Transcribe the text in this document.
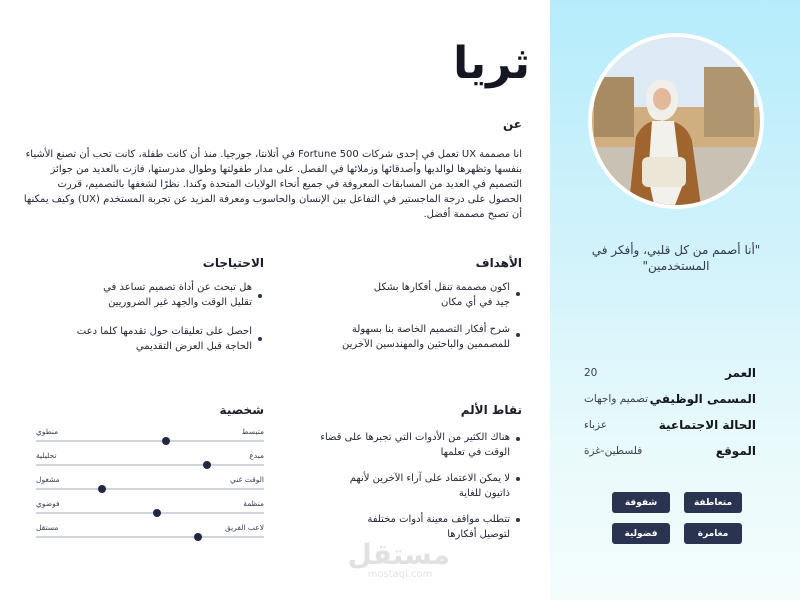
"أنا أصمم من كل قلبي، وأفكر في المستخدمين"
العمر
20
المسمى الوظيفي
تصميم واجهات
الحالة الاجتماعية
عزباء
الموقع
فلسطين-غزة
متعاطفة
شفوفة
مغامرة
فضولية
ثريا
عن
انا مصممة UX تعمل في إحدى شركات Fortune 500 في أتلانتا، جورجيا. منذ أن كانت طفلة، كانت تحب أن تصنع الأشياء بنفسها وتظهرها لوالديها وأصدقائها وزملائها في الفصل. على مدار طفولتها وطوال مدرستها، فازت بالعديد من جوائز التصميم في العديد من المسابقات المعروفة في جميع أنحاء الولايات المتحدة وكندا. نظرًا لشغفها بالتصميم، قررت الحصول على درجة الماجستير في التفاعل بين الإنسان والحاسوب ومعرفة المزيد عن تجربة المستخدم (UX) وكيف يمكنها أن تصبح مصممة أفضل.
الأهداف
اكون مصممة تنقل أفكارها بشكل جيد في أي مكان
شرح أفكار التصميم الخاصة بنا بسهولة للمصممين والباحثين والمهندسين الآخرين
الاحتياجات
هل تبحث عن أداة تصميم تساعد في تقليل الوقت والجهد غير الضروريين
احصل على تعليقات حول تقدمها كلما دعت الحاجة قبل العرض التقديمي
نقاط الألم
هناك الكثير من الأدوات التي تجبرها على قضاء الوقت في تعلمها
لا يمكن الاعتماد على آراء الآخرين لأنهم ذاتيون للغاية
تتطلب مواقف معينة أدوات مختلفة لتوصيل أفكارها
شخصية
متبسط
منطوي
مبدع
تحليلية
الوقت غني
مشغول
منظمة
فوضوي
لاعب الفريق
مستقل
مستقل
mostaql.com
